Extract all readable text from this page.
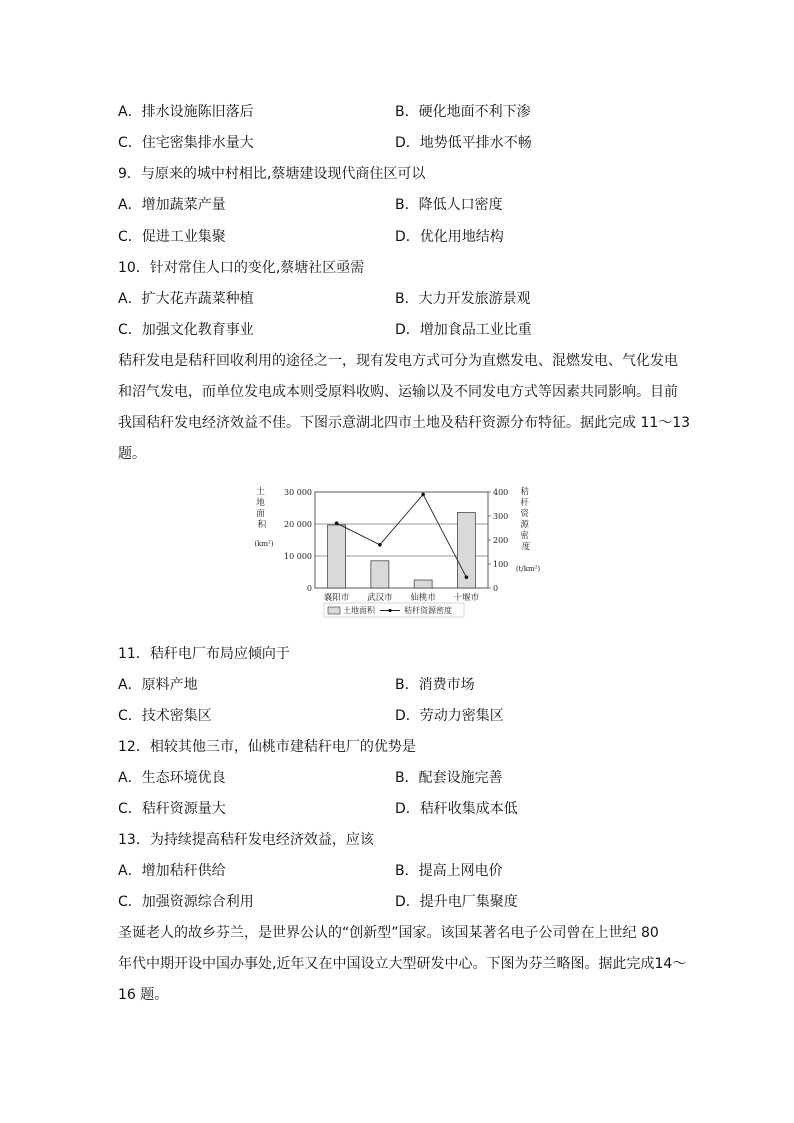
A．排水设施陈旧落后	B．硬化地面不利下渗
C．住宅密集排水量大	D．地势低平排水不畅
9．与原来的城中村相比,蔡塘建设现代商住区可以
A．增加蔬菜产量	B．降低人口密度
C．促进工业集聚	D．优化用地结构
10．针对常住人口的变化,蔡塘社区亟需
A．扩大花卉蔬菜种植	B．大力开发旅游景观
C．加强文化教育事业	D．增加食品工业比重
秸秆发电是秸秆回收利用的途径之一，现有发电方式可分为直燃发电、混燃发电、气化发电
和沼气发电，而单位发电成本则受原料收购、运输以及不同发电方式等因素共同影响。目前
我国秸秆发电经济效益不佳。下图示意湖北四市土地及秸秆资源分布特征。据此完成 11～13
题。
土 地 面 积
(km²)
秸 秆 资 源 密 度
(t/km²)
30 000
20 000
10 000
0
400
300
200
100
0
襄阳市 武汉市 仙桃市 十堰市
土地面积	秸秆资源密度
11．秸秆电厂布局应倾向于
A．原料产地	B．消费市场
C．技术密集区	D．劳动力密集区
12．相较其他三市，仙桃市建秸秆电厂的优势是
A．生态环境优良	B．配套设施完善
C．秸秆资源量大	D．秸秆收集成本低
13．为持续提高秸秆发电经济效益，应该
A．增加秸秆供给	B．提高上网电价
C．加强资源综合利用	D．提升电厂集聚度
圣诞老人的故乡芬兰，是世界公认的“创新型”国家。该国某著名电子公司曾在上世纪 80
年代中期开设中国办事处,近年又在中国设立大型研发中心。下图为芬兰略图。据此完成14～
16 题。
